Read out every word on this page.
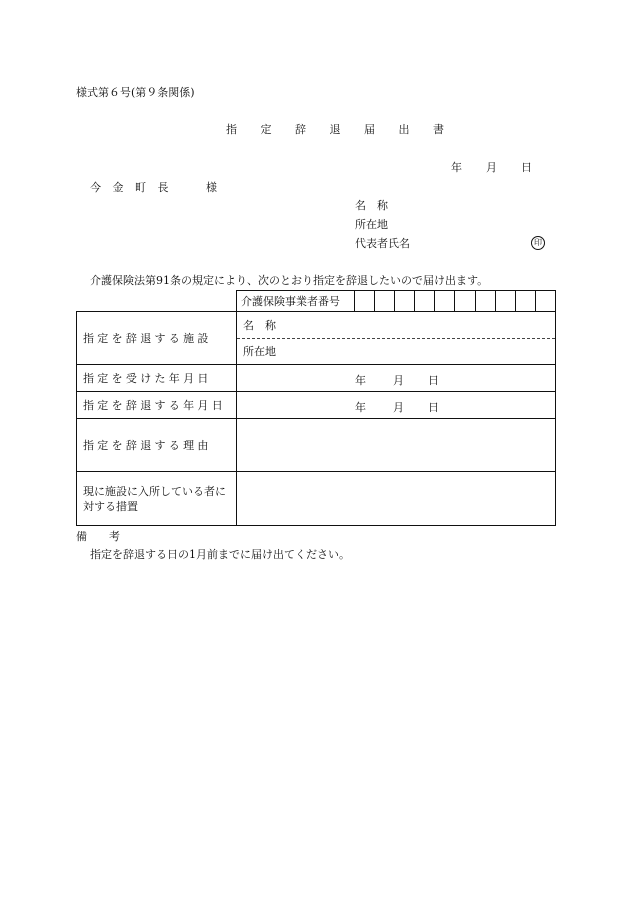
様式第６号(第９条関係)
指 定 辞 退 届 出 書
年 月 日
今 金 町 長	様
名　称
所在地
代表者氏名	印
介護保険法第91条の規定により、次のとおり指定を辞退したいので届け出ます。
介護保険事業者番号										
指定を辞退する施設	名　称
所在地

指定を受けた年月日	年 月 日

指定を辞退する年月日	年 月 日

指定を辞退する理由	
現に施設に入所している者に対する措置	
備　　考
指定を辞退する日の1月前までに届け出てください。
